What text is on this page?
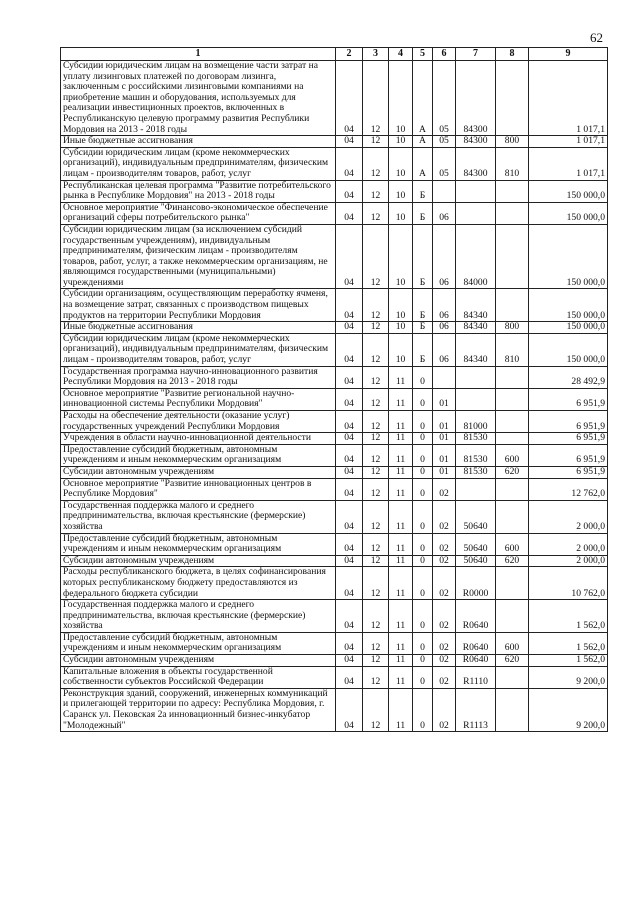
62
1	2	3	4	5	6	7	8	9
Субсидии юридическим лицам на возмещение части затрат на уплату лизинговых платежей по договорам лизинга, заключенным с российскими лизинговыми компаниями на приобретение машин и оборудования, используемых для реализации инвестиционных проектов, включенных в Республиканскую целевую программу развития Республики Мордовия на 2013 - 2018 годы	04	12	10	А	05	84300		1 017,1
Иные бюджетные ассигнования	04	12	10	А	05	84300	800	1 017,1
Субсидии юридическим лицам (кроме некоммерческих организаций), индивидуальным предпринимателям, физическим лицам - производителям товаров, работ, услуг	04	12	10	А	05	84300	810	1 017,1
Республиканская целевая программа "Развитие потребительского рынка в Республике Мордовия" на 2013 - 2018 годы	04	12	10	Б				150 000,0
Основное мероприятие "Финансово-экономическое обеспечение организаций сферы потребительского рынка"	04	12	10	Б	06			150 000,0
Субсидии юридическим лицам (за исключением субсидий государственным учреждениям), индивидуальным предпринимателям, физическим лицам - производителям товаров, работ, услуг, а также некоммерческим организациям, не являющимся государственными (муниципальными) учреждениями	04	12	10	Б	06	84000		150 000,0
Субсидии организациям, осуществляющим переработку ячменя, на возмещение затрат, связанных с производством пищевых продуктов на территории Республики Мордовия	04	12	10	Б	06	84340		150 000,0
Иные бюджетные ассигнования	04	12	10	Б	06	84340	800	150 000,0
Субсидии юридическим лицам (кроме некоммерческих организаций), индивидуальным предпринимателям, физическим лицам - производителям товаров, работ, услуг	04	12	10	Б	06	84340	810	150 000,0
Государственная программа научно-инновационного развития Республики Мордовия на 2013 - 2018 годы	04	12	11	0				28 492,9
Основное мероприятие "Развитие региональной научно-инновационной системы Республики Мордовия"	04	12	11	0	01			6 951,9
Расходы на обеспечение деятельности (оказание услуг) государственных учреждений Республики Мордовия	04	12	11	0	01	81000		6 951,9
Учреждения в области научно-инновационной деятельности	04	12	11	0	01	81530		6 951,9
Предоставление субсидий бюджетным, автономным учреждениям и иным некоммерческим организациям	04	12	11	0	01	81530	600	6 951,9
Субсидии автономным учреждениям	04	12	11	0	01	81530	620	6 951,9
Основное мероприятие "Развитие инновационных центров в Республике Мордовия"	04	12	11	0	02			12 762,0
Государственная поддержка малого и среднего предпринимательства, включая крестьянские (фермерские) хозяйства	04	12	11	0	02	50640		2 000,0
Предоставление субсидий бюджетным, автономным учреждениям и иным некоммерческим организациям	04	12	11	0	02	50640	600	2 000,0
Субсидии автономным учреждениям	04	12	11	0	02	50640	620	2 000,0
Расходы республиканского бюджета, в целях софинансирования которых республиканскому бюджету предоставляются из федерального бюджета субсидии	04	12	11	0	02	R0000		10 762,0
Государственная поддержка малого и среднего предпринимательства, включая крестьянские (фермерские) хозяйства	04	12	11	0	02	R0640		1 562,0
Предоставление субсидий бюджетным, автономным учреждениям и иным некоммерческим организациям	04	12	11	0	02	R0640	600	1 562,0
Субсидии автономным учреждениям	04	12	11	0	02	R0640	620	1 562,0
Капитальные вложения в объекты государственной собственности субъектов Российской Федерации	04	12	11	0	02	R1110		9 200,0
Реконструкция зданий, сооружений, инженерных коммуникаций и прилегающей территории по адресу: Республика Мордовия, г. Саранск ул. Пековская 2а инновационный бизнес-инкубатор "Молодежный"	04	12	11	0	02	R1113		9 200,0
